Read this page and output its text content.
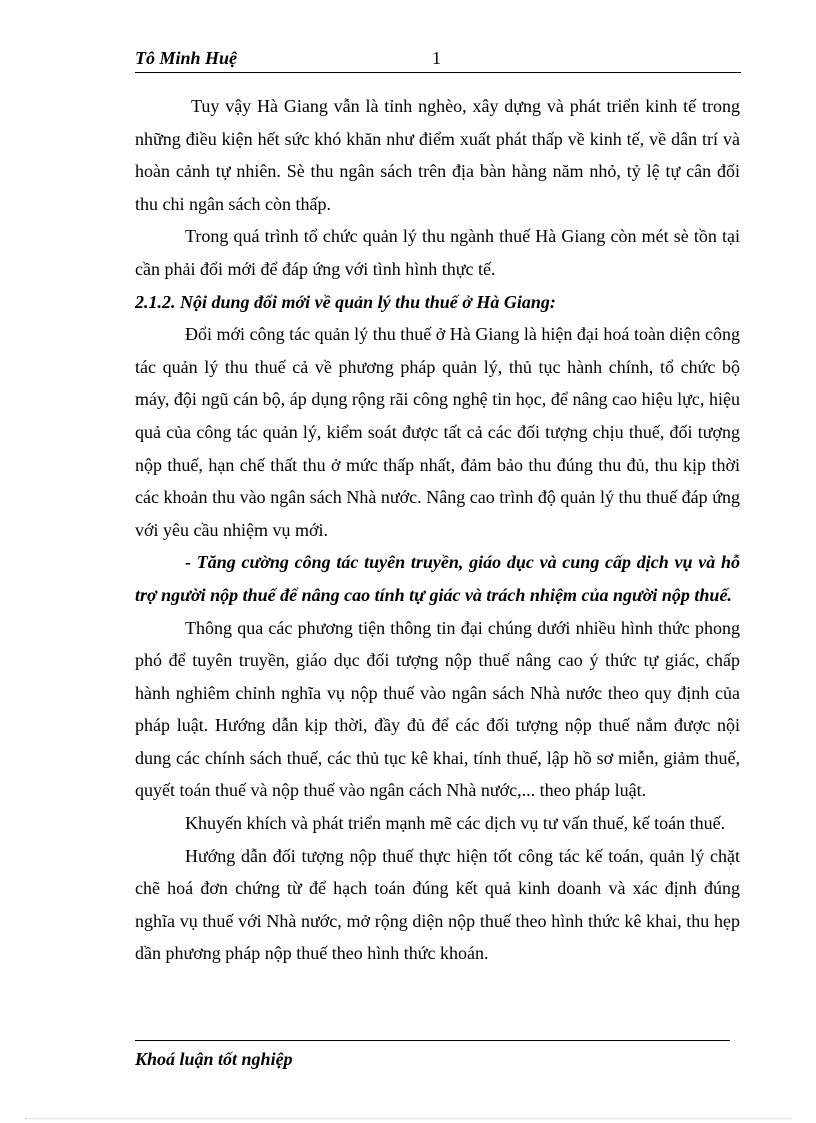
Tô Minh Huệ	1

Tuy vậy Hà Giang vẫn là tỉnh nghèo, xây dựng và phát triển kinh tế trong những điều kiện hết sức khó khăn như điểm xuất phát thấp về kinh tế, về dân trí và hoàn cảnh tự nhiên. Sè thu ngân sách trên địa bàn hàng năm nhỏ, tỷ lệ tự cân đối thu chi ngân sách còn thấp.

Trong quá trình tổ chức quản lý thu ngành thuế Hà Giang còn mét sè tồn tại cần phải đổi mới để đáp ứng với tình hình thực tế.

2.1.2. Nội dung đổi mới về quản lý thu thuế ở Hà Giang:

Đổi mới công tác quản lý thu thuế ở Hà Giang là hiện đại hoá toàn diện công tác quản lý thu thuế cả về phương pháp quản lý, thủ tục hành chính, tổ chức bộ máy, đội ngũ cán bộ, áp dụng rộng rãi công nghệ tin học, để nâng cao hiệu lực, hiệu quả của công tác quản lý, kiểm soát được tất cả các đối tượng chịu thuế, đối tượng nộp thuế, hạn chế thất thu ở mức thấp nhất, đảm bảo thu đúng thu đủ, thu kịp thời các khoản thu vào ngân sách Nhà nước. Nâng cao trình độ quản lý thu thuế đáp ứng với yêu cầu nhiệm vụ mới.

- Tăng cường công tác tuyên truyền, giáo dục và cung cấp dịch vụ và hỗ trợ người nộp thuế để nâng cao tính tự giác và trách nhiệm của người nộp thuế.

Thông qua các phương tiện thông tin đại chúng dưới nhiều hình thức phong phó để tuyên truyền, giáo dục đối tượng nộp thuế nâng cao ý thức tự giác, chấp hành nghiêm chỉnh nghĩa vụ nộp thuế vào ngân sách Nhà nước theo quy định của pháp luật. Hướng dẫn kịp thời, đầy đủ để các đối tượng nộp thuế nắm được nội dung các chính sách thuế, các thủ tục kê khai, tính thuế, lập hồ sơ miễn, giảm thuế, quyết toán thuế và nộp thuế vào ngân cách Nhà nước,... theo pháp luật.

Khuyến khích và phát triển mạnh mẽ các dịch vụ tư vấn thuế, kế toán thuế.

Hướng dẫn đối tượng nộp thuế thực hiện tốt công tác kế toán, quản lý chặt chẽ hoá đơn chứng từ để hạch toán đúng kết quả kinh doanh và xác định đúng nghĩa vụ thuế với Nhà nước, mở rộng diện nộp thuế theo hình thức kê khai, thu hẹp dần phương pháp nộp thuế theo hình thức khoán.

Khoá luận tốt nghiệp
